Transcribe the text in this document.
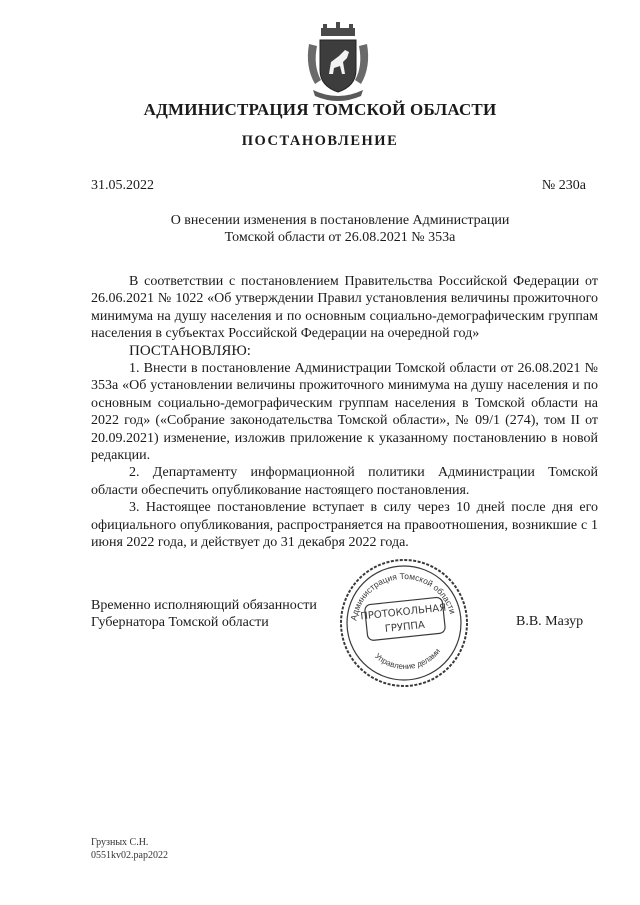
АДМИНИСТРАЦИЯ ТОМСКОЙ ОБЛАСТИ
ПОСТАНОВЛЕНИЕ
31.05.2022	№ 230а
О внесении изменения в постановление Администрации
Томской области от 26.08.2021 № 353а

В соответствии с постановлением Правительства Российской Федерации от 26.06.2021 № 1022 «Об утверждении Правил установления величины прожиточного минимума на душу населения и по основным социально-демографическим группам населения в субъектах Российской Федерации на очередной год»

ПОСТАНОВЛЯЮ:

1. Внести в постановление Администрации Томской области от 26.08.2021 № 353а «Об установлении величины прожиточного минимума на душу населения и по основным социально-демографическим группам населения в Томской области на 2022 год» («Собрание законодательства Томской области», № 09/1 (274), том II от 20.09.2021) изменение, изложив приложение к указанному постановлению в новой редакции.

2. Департаменту информационной политики Администрации Томской области обеспечить опубликование настоящего постановления.

3. Настоящее постановление вступает в силу через 10 дней после дня его официального опубликования, распространяется на правоотношения, возникшие с 1 июня 2022 года, и действует до 31 декабря 2022 года.

Временно исполняющий обязанности
Губернатора Томской области	В.В. Мазур
Администрация Томской области
Управление делами
ПРОТОКОЛЬНАЯ
ГРУППА
Грузных С.Н.
0551kv02.pap2022
